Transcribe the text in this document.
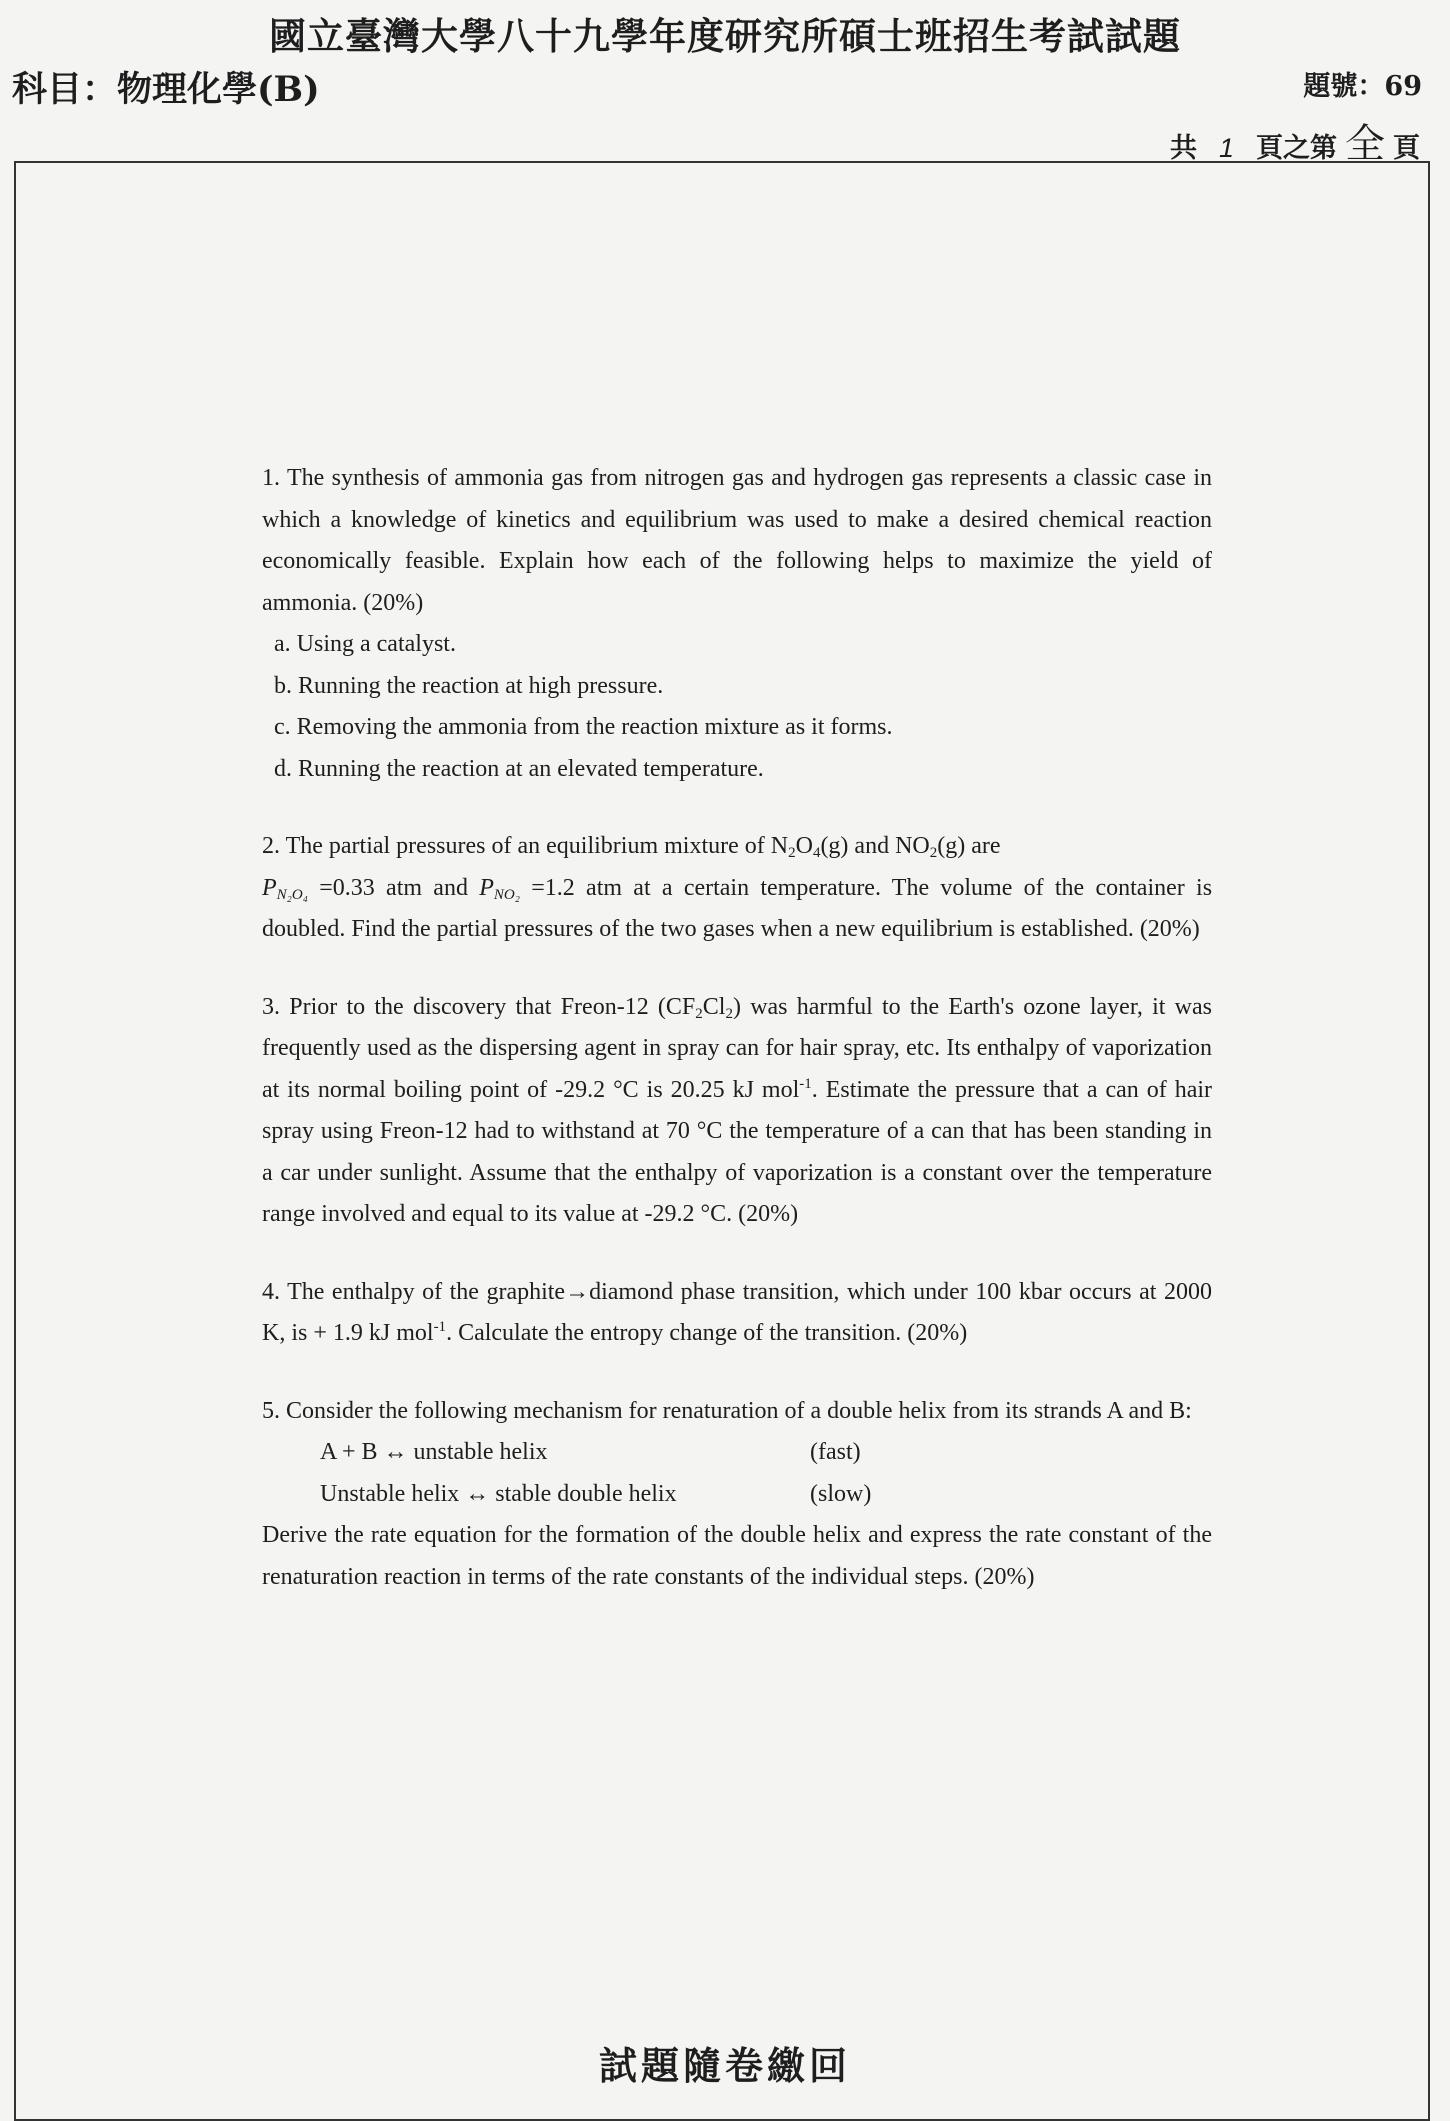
國立臺灣大學八十九學年度研究所碩士班招生考試試題
科目：物理化學(B)	題號：69
共 1 頁之第 全 頁

1. The synthesis of ammonia gas from nitrogen gas and hydrogen gas represents a classic case in which a knowledge of kinetics and equilibrium was used to make a desired chemical reaction economically feasible. Explain how each of the following helps to maximize the yield of ammonia. (20%)

a. Using a catalyst.

b. Running the reaction at high pressure.

c. Removing the ammonia from the reaction mixture as it forms.

d. Running the reaction at an elevated temperature.

2. The partial pressures of an equilibrium mixture of $N_2O_4(g)$ and $NO_2(g)$ are
$P_{N_2O_4} =0.33$ atm and $P_{NO_2} =1.2$ atm at a certain temperature. The volume of the container is doubled. Find the partial pressures of the two gases when a new equilibrium is established. (20%)

3. Prior to the discovery that Freon-12 $(CF_2Cl_2)$ was harmful to the Earth's ozone layer, it was frequently used as the dispersing agent in spray can for hair spray, etc. Its enthalpy of vaporization at its normal boiling point of -29.2 °C is 20.25 kJ mol$^{-1}$. Estimate the pressure that a can of hair spray using Freon-12 had to withstand at 70 °C the temperature of a can that has been standing in a car under sunlight. Assume that the enthalpy of vaporization is a constant over the temperature range involved and equal to its value at -29.2 °C. (20%)

4. The enthalpy of the graphite→diamond phase transition, which under 100 kbar occurs at 2000 K, is + 1.9 kJ mol$^{-1}$. Calculate the entropy change of the transition. (20%)

5. Consider the following mechanism for renaturation of a double helix from its strands A and B:

A + B ↔ unstable helix	(fast)
Unstable helix ↔ stable double helix	(slow)

Derive the rate equation for the formation of the double helix and express the rate constant of the renaturation reaction in terms of the rate constants of the individual steps. (20%)

試題隨卷繳回
